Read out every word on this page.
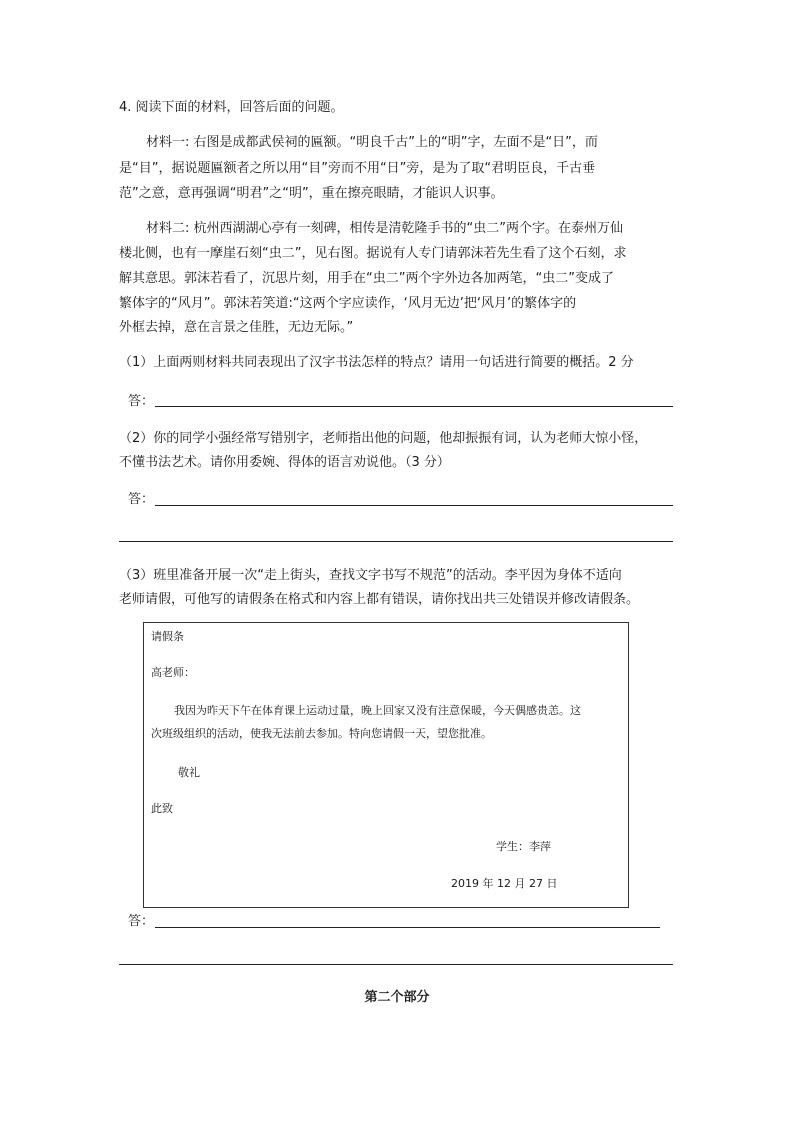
4. 阅读下面的材料，回答后面的问题。
材料一: 右图是成都武侯祠的匾额。“明良千古”上的“明”字，左面不是“日”，而
是“目”，据说题匾额者之所以用“目”旁而不用“日”旁，是为了取“君明臣良，千古垂
范”之意，意再强调“明君”之“明”，重在擦亮眼睛，才能识人识事。
材料二: 杭州西湖湖心亭有一刻碑，相传是清乾隆手书的“虫二”两个字。在泰州万仙
楼北侧，也有一摩崖石刻“虫二”，见右图。据说有人专门请郭沫若先生看了这个石刻，求
解其意思。郭沫若看了，沉思片刻，用手在“虫二”两个字外边各加两笔，“虫二”变成了
繁体字的“风月”。郭沫若笑道:“这两个字应读作，‘风月无边’把‘风月’的繁体字的
外框去掉，意在言景之佳胜，无边无际。”
（1）上面两则材料共同表现出了汉字书法怎样的特点？请用一句话进行简要的概括。2 分
答：
（2）你的同学小强经常写错别字，老师指出他的问题，他却振振有词，认为老师大惊小怪，
不懂书法艺术。请你用委婉、得体的语言劝说他。（3 分）
答：
（3）班里准备开展一次“走上街头，查找文字书写不规范”的活动。李平因为身体不适向
老师请假，可他写的请假条在格式和内容上都有错误，请你找出共三处错误并修改请假条。
请假条
高老师：
我因为昨天下午在体育课上运动过量，晚上回家又没有注意保暖，今天偶感贵恙。这
次班级组织的活动，使我无法前去参加。特向您请假一天，望您批准。
敬礼
此致
学生：李萍
2019 年 12 月 27 日
答：
第二个部分
